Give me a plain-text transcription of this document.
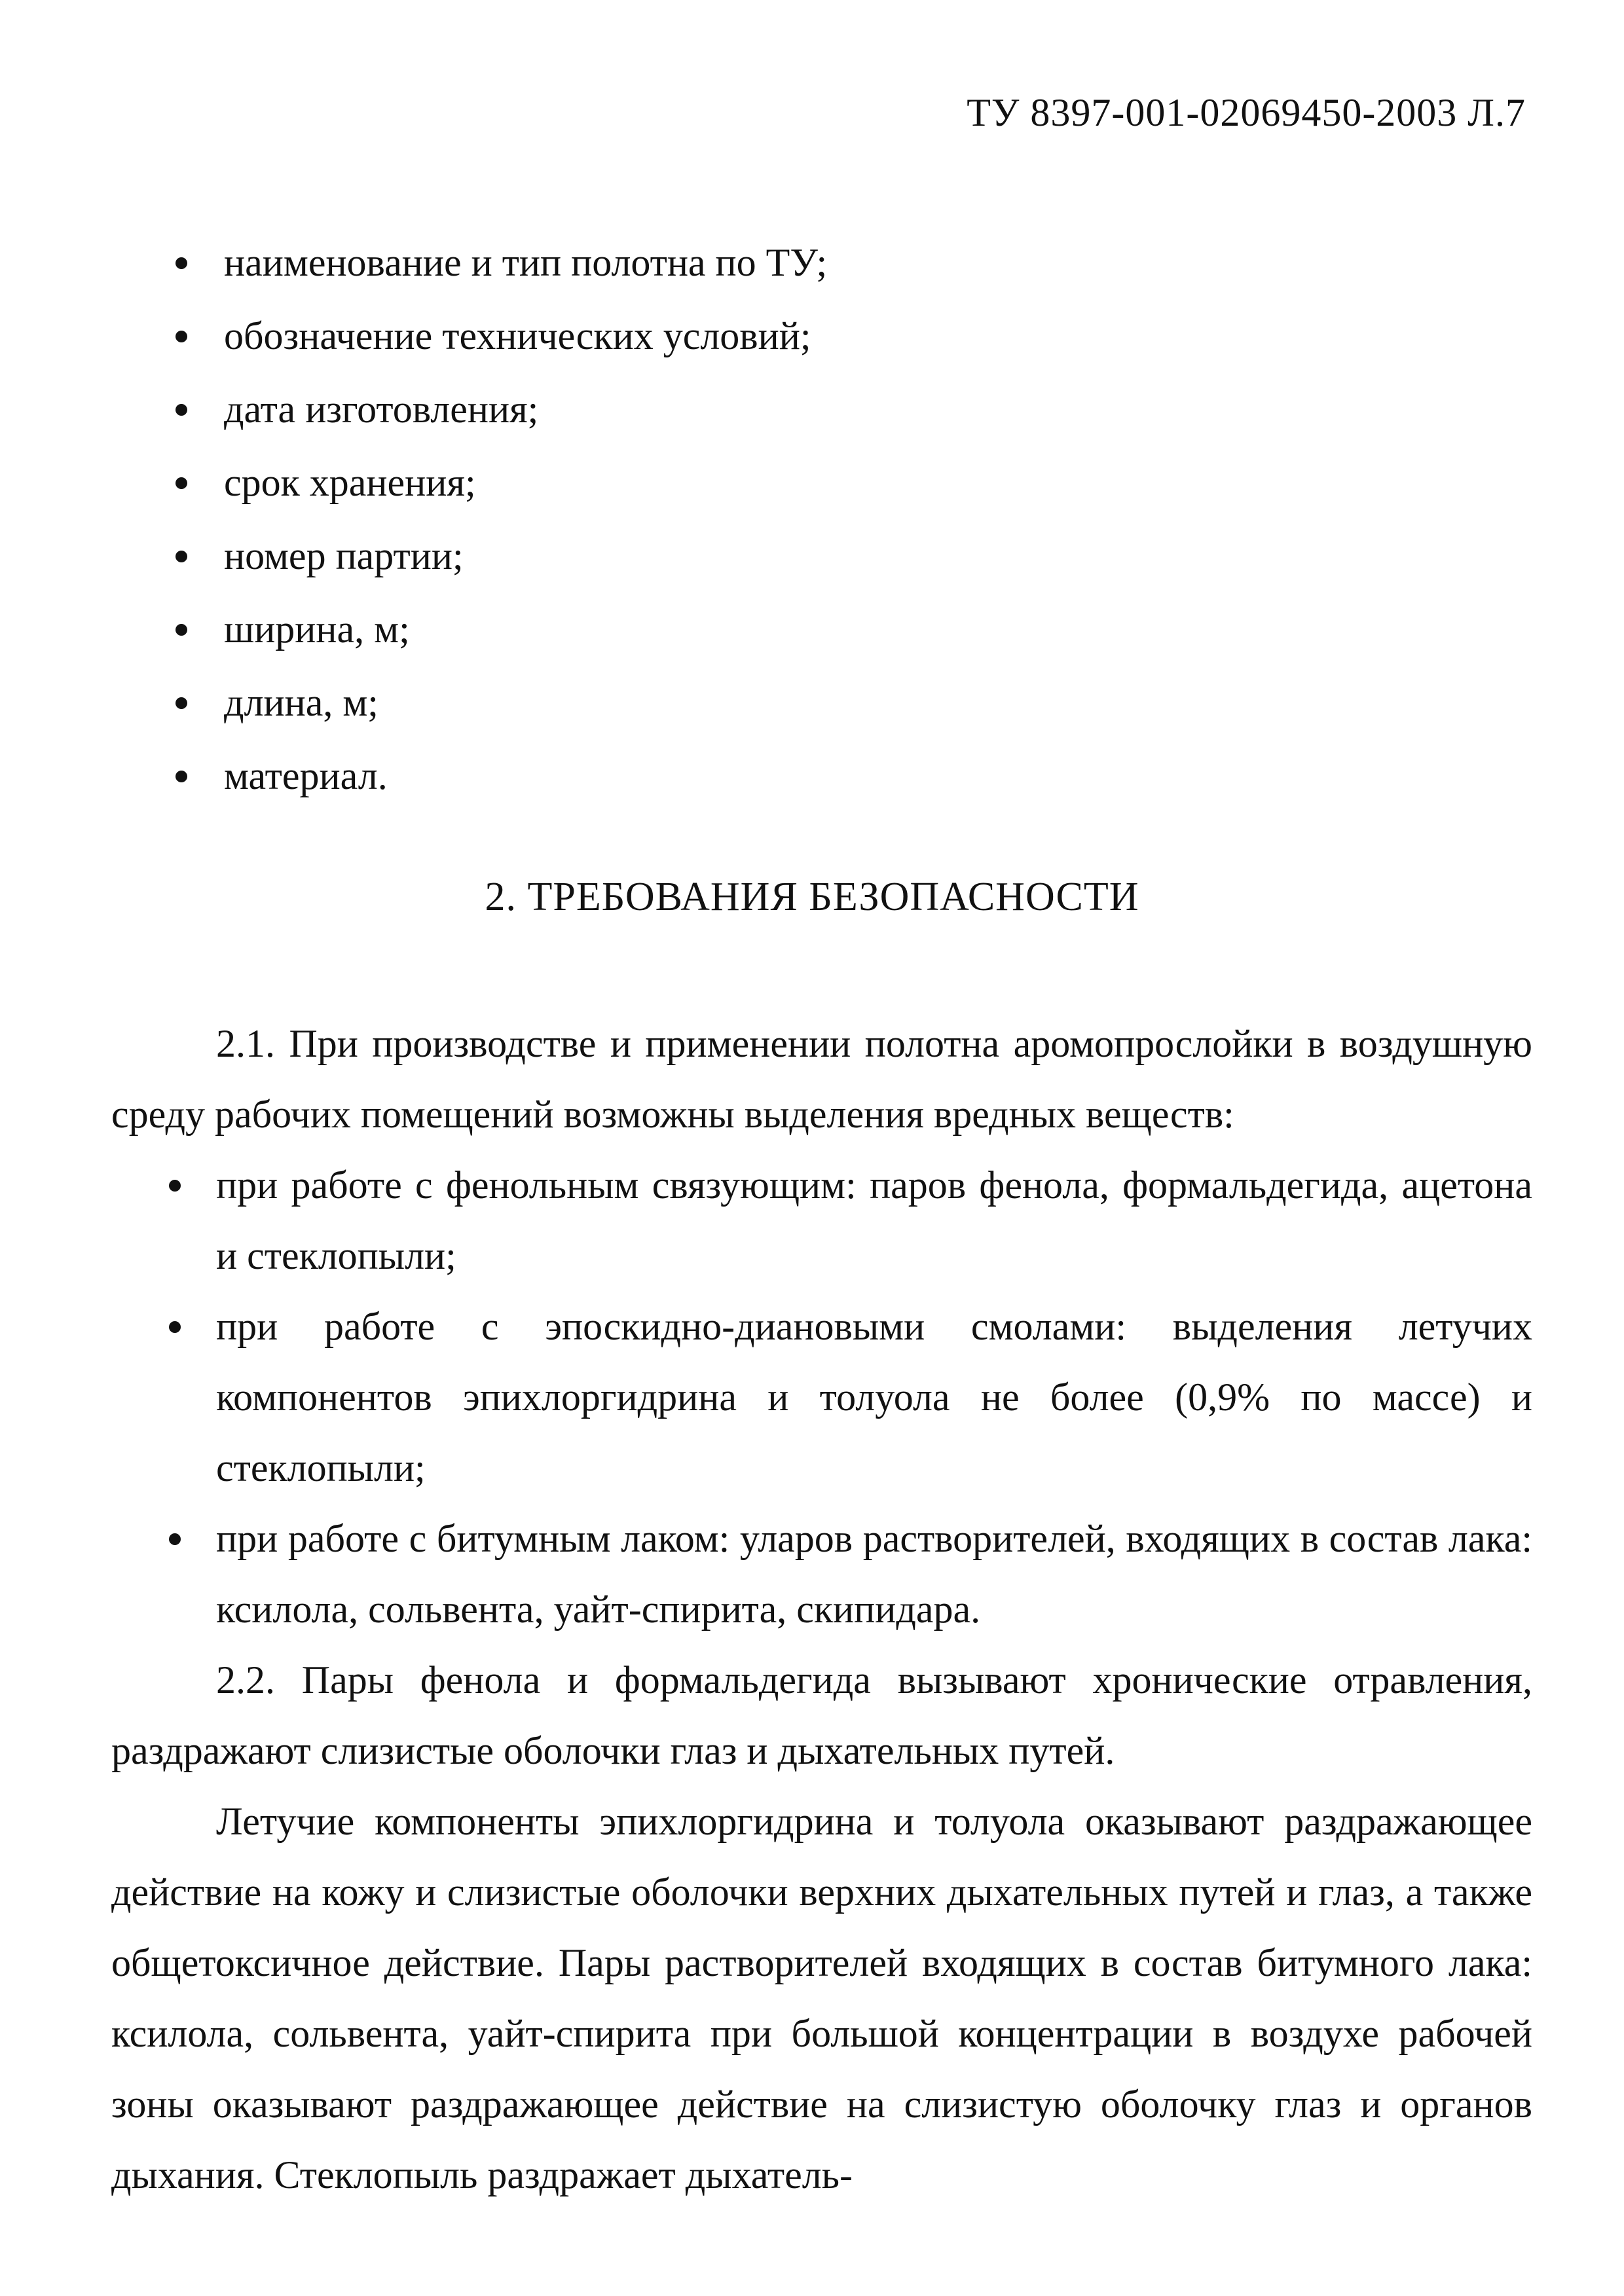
ТУ 8397-001-02069450-2003 Л.7
наименование и тип полотна по ТУ;
обозначение технических условий;
дата изготовления;
срок хранения;
номер партии;
ширина, м;
длина, м;
материал.
2. ТРЕБОВАНИЯ БЕЗОПАСНОСТИ

2.1. При производстве и применении полотна аромопрослойки в воздушную среду рабочих помещений возможны выделения вредных веществ:

при работе с фенольным связующим: паров фенола, формальдегида, ацетона и стеклопыли;
при работе с эпоскидно-диановыми смолами: выделения летучих компонентов эпихлоргидрина и толуола не более (0,9% по массе) и стеклопыли;
при работе с битумным лаком: уларов растворителей, входящих в состав лака: ксилола, сольвента, уайт-спирита, скипидара.

2.2. Пары фенола и формальдегида вызывают хронические отравления, раздражают слизистые оболочки глаз и дыхательных путей.

Летучие компоненты эпихлоргидрина и толуола оказывают раздражающее действие на кожу и слизистые оболочки верхних дыхательных путей и глаз, а также общетоксичное действие. Пары растворителей входящих в состав битумного лака: ксилола, сольвента, уайт-спирита при большой концентрации в воздухе рабочей зоны оказывают раздражающее действие на слизистую оболочку глаз и органов дыхания. Стеклопыль раздражает дыхатель-
